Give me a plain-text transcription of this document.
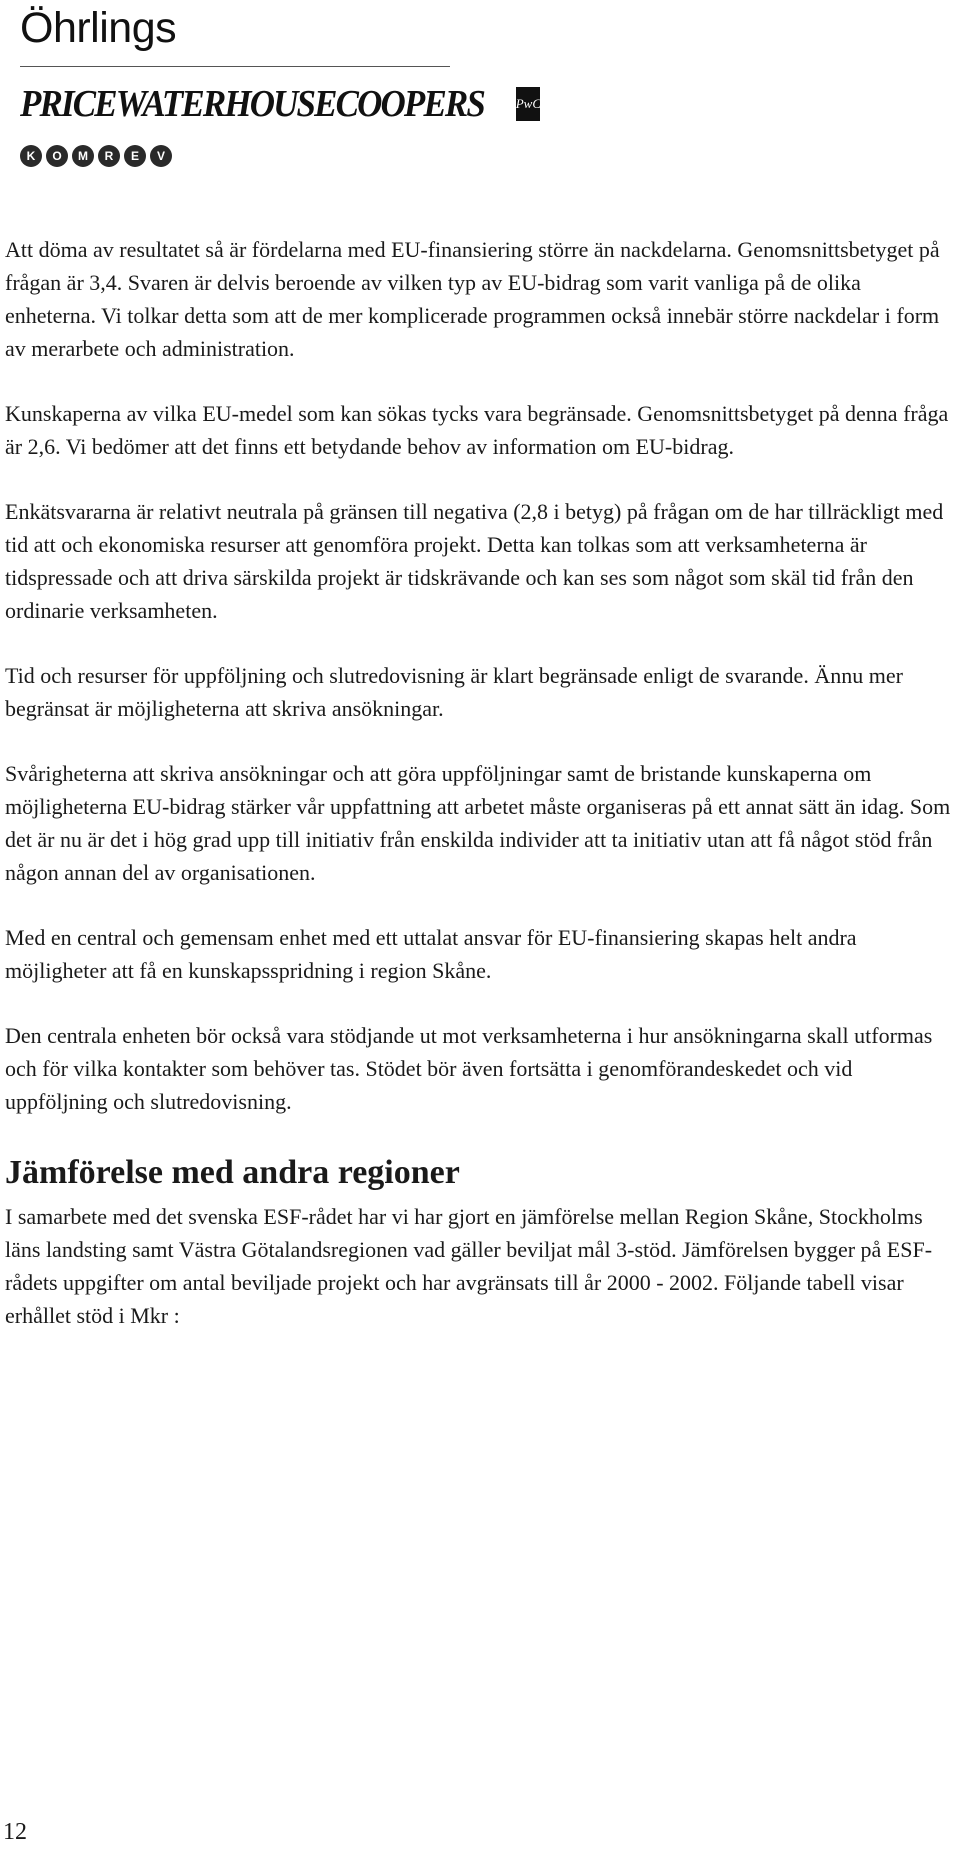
Öhrlings
PRICEWATERHOUSECOOPERS PwC
K	O	M	R	E	V

Att döma av resultatet så är fördelarna med EU-finansiering större än nackdelarna. Genomsnittsbetyget på frågan är 3,4. Svaren är delvis beroende av vilken typ av EU-bidrag som varit vanliga på de olika enheterna. Vi tolkar detta som att de mer komplicerade programmen också innebär större nackdelar i form av merarbete och administration.

Kunskaperna av vilka EU-medel som kan sökas tycks vara begränsade. Genomsnittsbetyget på denna fråga är 2,6. Vi bedömer att det finns ett betydande behov av information om EU-bidrag.

Enkätsvararna är relativt neutrala på gränsen till negativa (2,8 i betyg) på frågan om de har tillräckligt med tid att och ekonomiska resurser att genomföra projekt. Detta kan tolkas som att verksamheterna är tidspressade och att driva särskilda projekt är tidskrävande och kan ses som något som skäl tid från den ordinarie verksamheten.

Tid och resurser för uppföljning och slutredovisning är klart begränsade enligt de svarande. Ännu mer begränsat är möjligheterna att skriva ansökningar.

Svårigheterna att skriva ansökningar och att göra uppföljningar samt de bristande kunskaperna om möjligheterna EU-bidrag stärker vår uppfattning att arbetet måste organiseras på ett annat sätt än idag. Som det är nu är det i hög grad upp till initiativ från enskilda individer att ta initiativ utan att få något stöd från någon annan del av organisationen.

Med en central och gemensam enhet med ett uttalat ansvar för EU-finansiering skapas helt andra möjligheter att få en kunskapsspridning i region Skåne.

Den centrala enheten bör också vara stödjande ut mot verksamheterna i hur ansökningarna skall utformas och för vilka kontakter som behöver tas. Stödet bör även fortsätta i genomförandeskedet och vid uppföljning och slutredovisning.

Jämförelse med andra regioner

I samarbete med det svenska ESF-rådet har vi har gjort en jämförelse mellan Region Skåne, Stockholms läns landsting samt Västra Götalandsregionen vad gäller beviljat mål 3-stöd. Jämförelsen bygger på ESF-rådets uppgifter om antal beviljade projekt och har avgränsats till år 2000 - 2002. Följande tabell visar erhållet stöd i Mkr :

12
